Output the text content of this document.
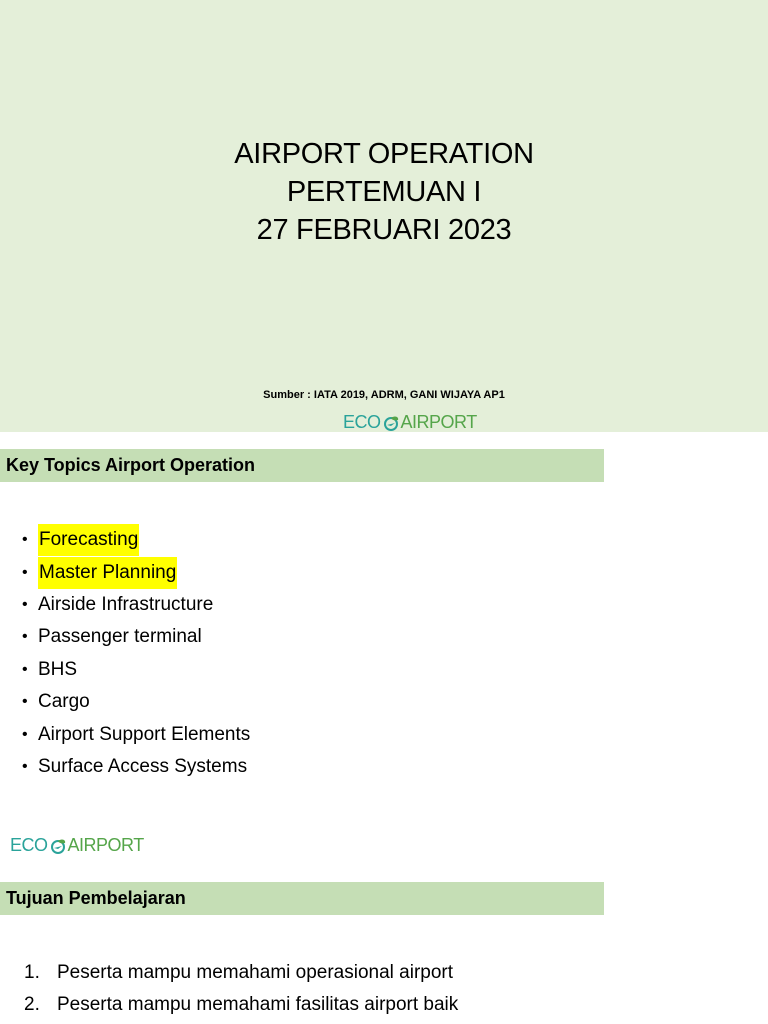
AIRPORT OPERATION
PERTEMUAN I
27 FEBRUARI 2023
Sumber : IATA 2019, ADRM, GANI WIJAYA AP1
ECO AIRPORT
Key Topics Airport Operation
• Forecasting
• Master Planning
• Airside Infrastructure
• Passenger terminal
• BHS
• Cargo
• Airport Support Elements
• Surface Access Systems
ECO AIRPORT
Tujuan Pembelajaran
1. Peserta mampu memahami operasional airport
2. Peserta mampu memahami fasilitas airport baik
